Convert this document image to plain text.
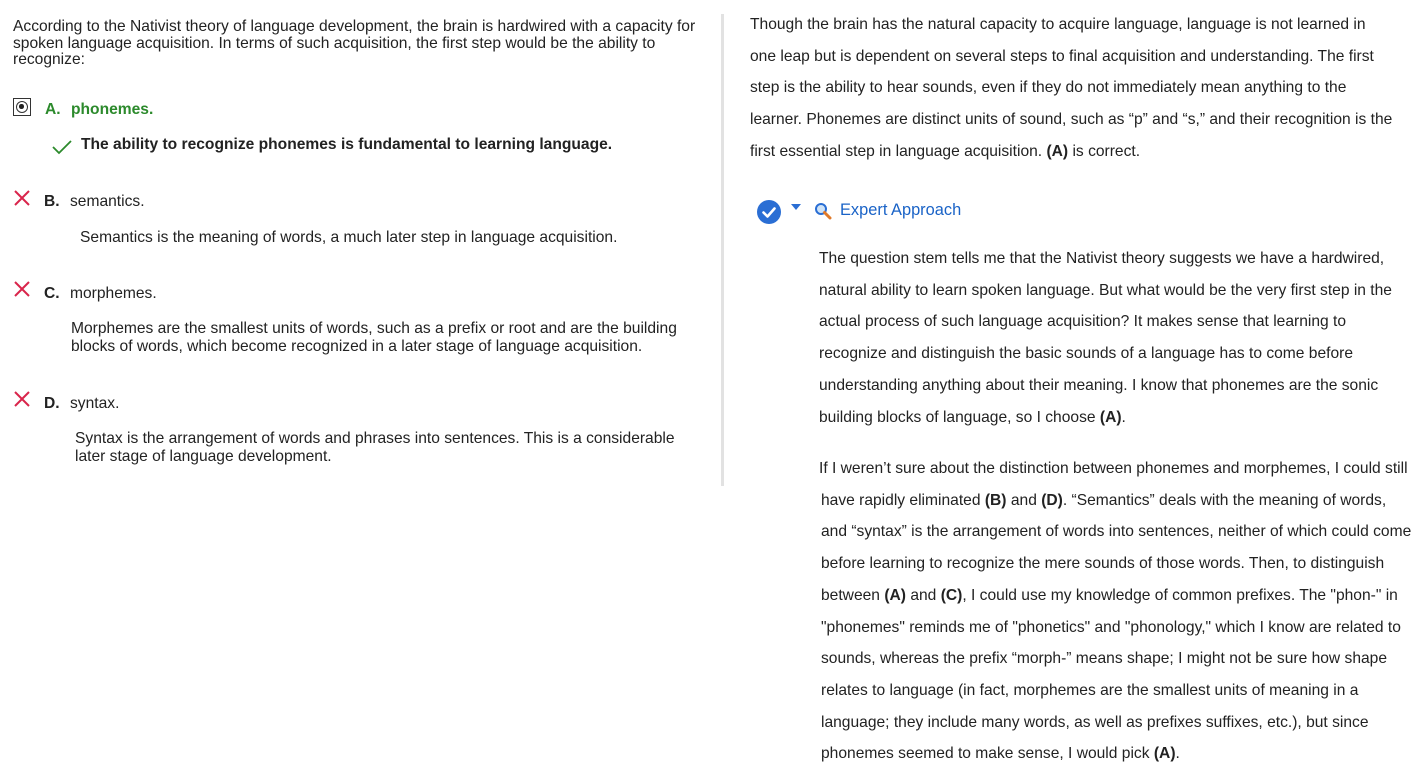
According to the Nativist theory of language development, the brain is hardwired with a capacity for spoken language acquisition. In terms of such acquisition, the first step would be the ability to recognize:
A. phonemes.
The ability to recognize phonemes is fundamental to learning language.
B. semantics.
Semantics is the meaning of words, a much later step in language acquisition.
C. morphemes.
Morphemes are the smallest units of words, such as a prefix or root and are the building blocks of words, which become recognized in a later stage of language acquisition.
D. syntax.
Syntax is the arrangement of words and phrases into sentences. This is a considerable later stage of language development.
Though the brain has the natural capacity to acquire language, language is not learned in
one leap but is dependent on several steps to final acquisition and understanding. The first
step is the ability to hear sounds, even if they do not immediately mean anything to the
learner. Phonemes are distinct units of sound, such as “p” and “s,” and their recognition is the
first essential step in language acquisition. (A) is correct.
Expert Approach
The question stem tells me that the Nativist theory suggests we have a hardwired,
natural ability to learn spoken language. But what would be the very first step in the
actual process of such language acquisition? It makes sense that learning to
recognize and distinguish the basic sounds of a language has to come before
understanding anything about their meaning. I know that phonemes are the sonic
building blocks of language, so I choose (A).
If I weren’t sure about the distinction between phonemes and morphemes, I could still
have rapidly eliminated (B) and (D). “Semantics” deals with the meaning of words,
and “syntax” is the arrangement of words into sentences, neither of which could come
before learning to recognize the mere sounds of those words. Then, to distinguish
between (A) and (C), I could use my knowledge of common prefixes. The "phon-" in
"phonemes" reminds me of "phonetics" and "phonology," which I know are related to
sounds, whereas the prefix “morph-” means shape; I might not be sure how shape
relates to language (in fact, morphemes are the smallest units of meaning in a
language; they include many words, as well as prefixes suffixes, etc.), but since
phonemes seemed to make sense, I would pick (A).
